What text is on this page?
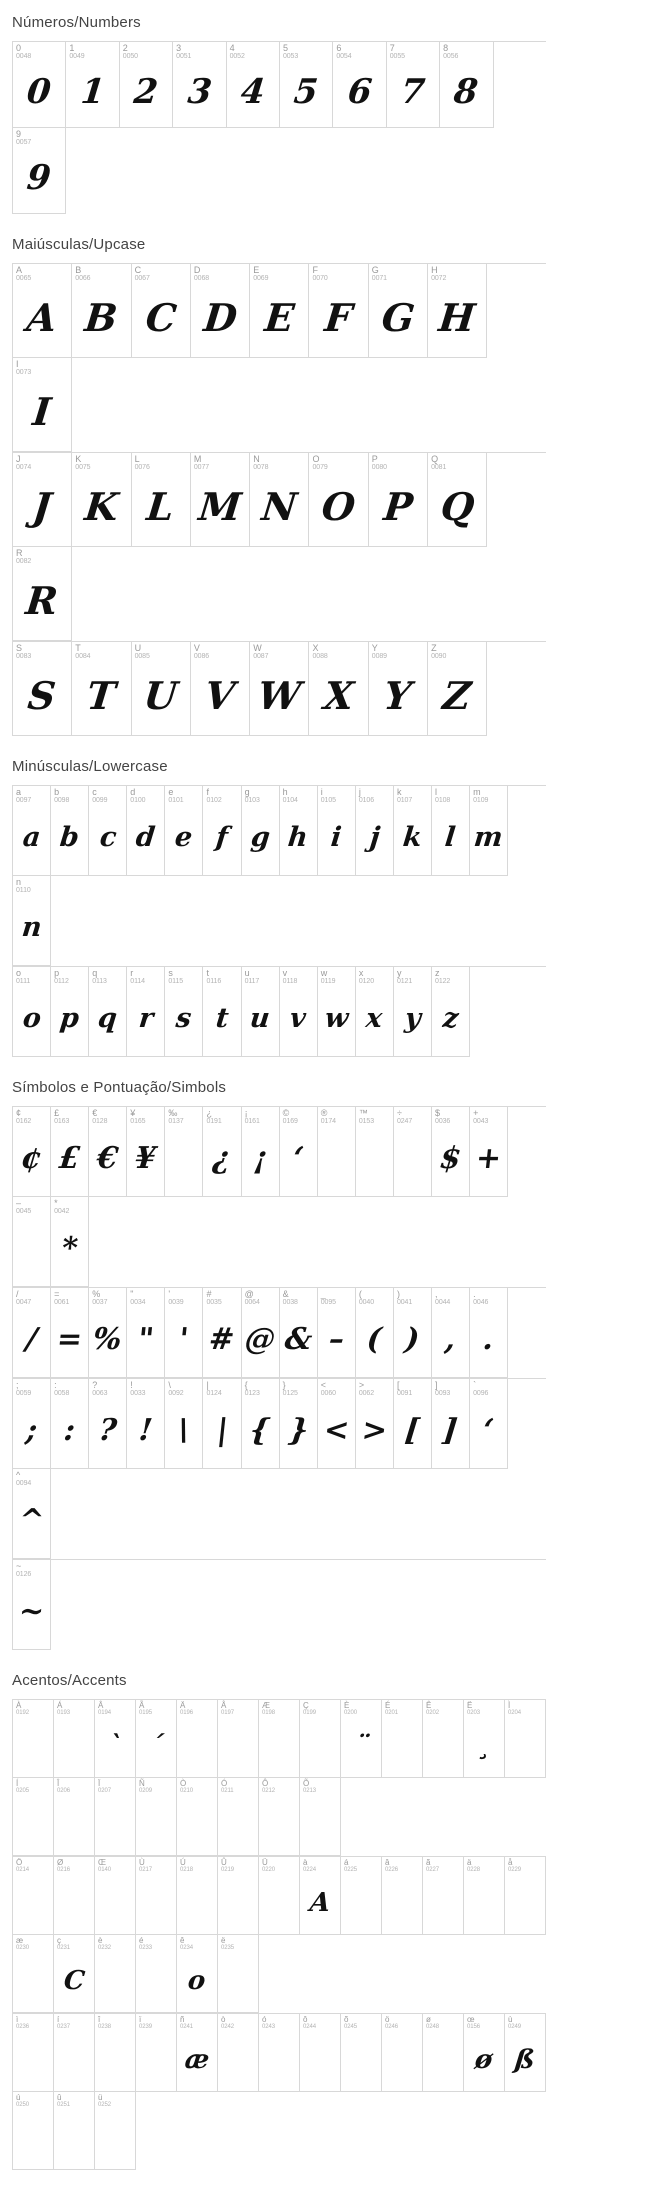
Números/Numbers
0
0048
0
1
0049
1
2
0050
2
3
0051
3
4
0052
4
5
0053
5
6
0054
6
7
0055
7
8
0056
8
9
0057
9
Maiúsculas/Upcase
A
0065
A
B
0066
B
C
0067
C
D
0068
D
E
0069
E
F
0070
F
G
0071
G
H
0072
H
I
0073
I
J
0074
J
K
0075
K
L
0076
L
M
0077
M
N
0078
N
O
0079
O
P
0080
P
Q
0081
Q
R
0082
R
S
0083
S
T
0084
T
U
0085
U
V
0086
V
W
0087
W
X
0088
X
Y
0089
Y
Z
0090
Z
Minúsculas/Lowercase
a
0097
a
b
0098
b
c
0099
c
d
0100
d
e
0101
e
f
0102
f
g
0103
g
h
0104
h
i
0105
i
j
0106
j
k
0107
k
l
0108
l
m
0109
m
n
0110
n
o
0111
o
p
0112
p
q
0113
q
r
0114
r
s
0115
s
t
0116
t
u
0117
u
v
0118
v
w
0119
w
x
0120
x
y
0121
y
z
0122
z
Símbolos e Pontuação/Simbols
¢
0162
¢
£
0163
£
€
0128
€
¥
0165
¥
‰
0137
¿
0191
¿
¡
0161
¡
©
0169
‘
®
0174
™
0153
÷
0247
$
0036
$
+
0043
+
–
0045
*
0042
*
/
0047
/
=
0061
=
%
0037
%
"
0034
"
'
0039
'
#
0035
#
@
0064
@
&
0038
&
_
0095
–
(
0040
(
)
0041
)
,
0044
,
.
0046
.
;
0059
;
:
0058
:
?
0063
?
!
0033
!
\
0092
\
|
0124
|
{
0123
{
}
0125
}
<
0060
<
>
0062
>
[
0091
[
]
0093
]
`
0096
‘
^
0094
^
~
0126
~
Acentos/Accents
À
0192
Á
0193
Â
0194
`
Ã
0195
´
Ä
0196
Å
0197
Æ
0198
Ç
0199
È
0200
¨
É
0201
Ê
0202
Ë
0203
¸
Ì
0204
Í
0205
Î
0206
Ï
0207
Ñ
0209
Ò
0210
Ó
0211
Ô
0212
Õ
0213
Ö
0214
Ø
0216
Œ
0140
Ù
0217
Ú
0218
Û
0219
Ü
0220
à
0224
A
á
0225
â
0226
ã
0227
ä
0228
å
0229
æ
0230
ç
0231
C
è
0232
é
0233
ê
0234
o
ë
0235
ì
0236
í
0237
î
0238
ï
0239
ñ
0241
æ
ò
0242
ó
0243
ô
0244
õ
0245
ö
0246
ø
0248
œ
0156
ø
ù
0249
ß
ú
0250
û
0251
ü
0252
